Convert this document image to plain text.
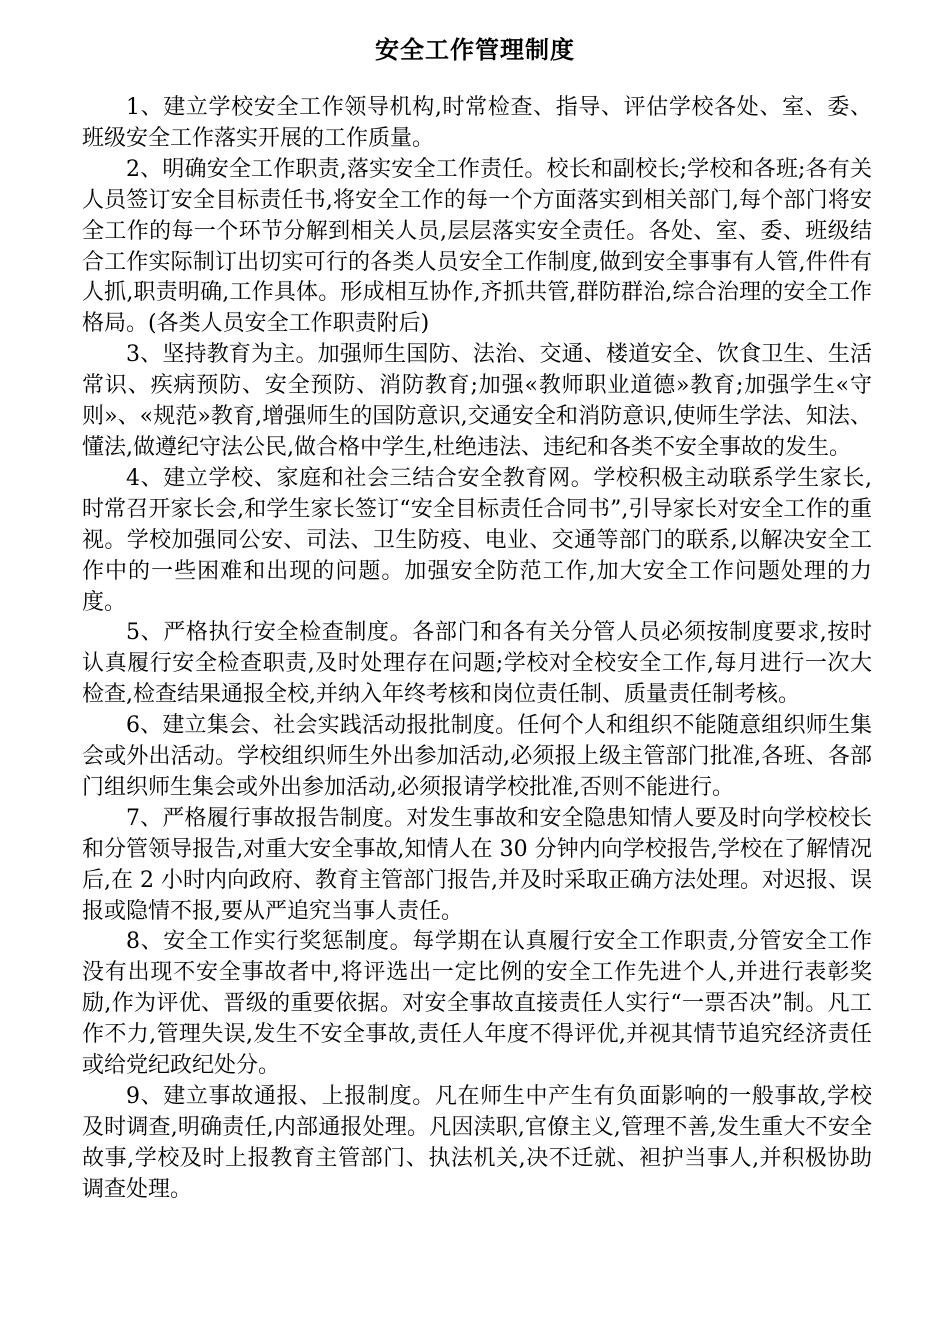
安全工作管理制度

1、建立学校安全工作领导机构,时常检查、指导、评估学校各处、室、委、班级安全工作落实开展的工作质量。

2、明确安全工作职责,落实安全工作责任。校长和副校长;学校和各班;各有关人员签订安全目标责任书,将安全工作的每一个方面落实到相关部门,每个部门将安全工作的每一个环节分解到相关人员,层层落实安全责任。各处、室、委、班级结合工作实际制订出切实可行的各类人员安全工作制度,做到安全事事有人管,件件有人抓,职责明确,工作具体。形成相互协作,齐抓共管,群防群治,综合治理的安全工作格局。(各类人员安全工作职责附后)

3、坚持教育为主。加强师生国防、法治、交通、楼道安全、饮食卫生、生活常识、疾病预防、安全预防、消防教育;加强«教师职业道德»教育;加强学生«守则»、«规范»教育,增强师生的国防意识,交通安全和消防意识,使师生学法、知法、懂法,做遵纪守法公民,做合格中学生,杜绝违法、违纪和各类不安全事故的发生。

4、建立学校、家庭和社会三结合安全教育网。学校积极主动联系学生家长,时常召开家长会,和学生家长签订“安全目标责任合同书”,引导家长对安全工作的重视。学校加强同公安、司法、卫生防疫、电业、交通等部门的联系,以解决安全工作中的一些困难和出现的问题。加强安全防范工作,加大安全工作问题处理的力度。

5、严格执行安全检查制度。各部门和各有关分管人员必须按制度要求,按时认真履行安全检查职责,及时处理存在问题;学校对全校安全工作,每月进行一次大检查,检查结果通报全校,并纳入年终考核和岗位责任制、质量责任制考核。

6、建立集会、社会实践活动报批制度。任何个人和组织不能随意组织师生集会或外出活动。学校组织师生外出参加活动,必须报上级主管部门批准,各班、各部门组织师生集会或外出参加活动,必须报请学校批准,否则不能进行。

7、严格履行事故报告制度。对发生事故和安全隐患知情人要及时向学校校长和分管领导报告,对重大安全事故,知情人在 30 分钟内向学校报告,学校在了解情况后,在 2 小时内向政府、教育主管部门报告,并及时采取正确方法处理。对迟报、误报或隐情不报,要从严追究当事人责任。

8、安全工作实行奖惩制度。每学期在认真履行安全工作职责,分管安全工作没有出现不安全事故者中,将评选出一定比例的安全工作先进个人,并进行表彰奖励,作为评优、晋级的重要依据。对安全事故直接责任人实行“一票否决”制。凡工作不力,管理失误,发生不安全事故,责任人年度不得评优,并视其情节追究经济责任或给党纪政纪处分。

9、建立事故通报、上报制度。凡在师生中产生有负面影响的一般事故,学校及时调查,明确责任,内部通报处理。凡因渎职,官僚主义,管理不善,发生重大不安全故事,学校及时上报教育主管部门、执法机关,决不迁就、袒护当事人,并积极协助调查处理。
